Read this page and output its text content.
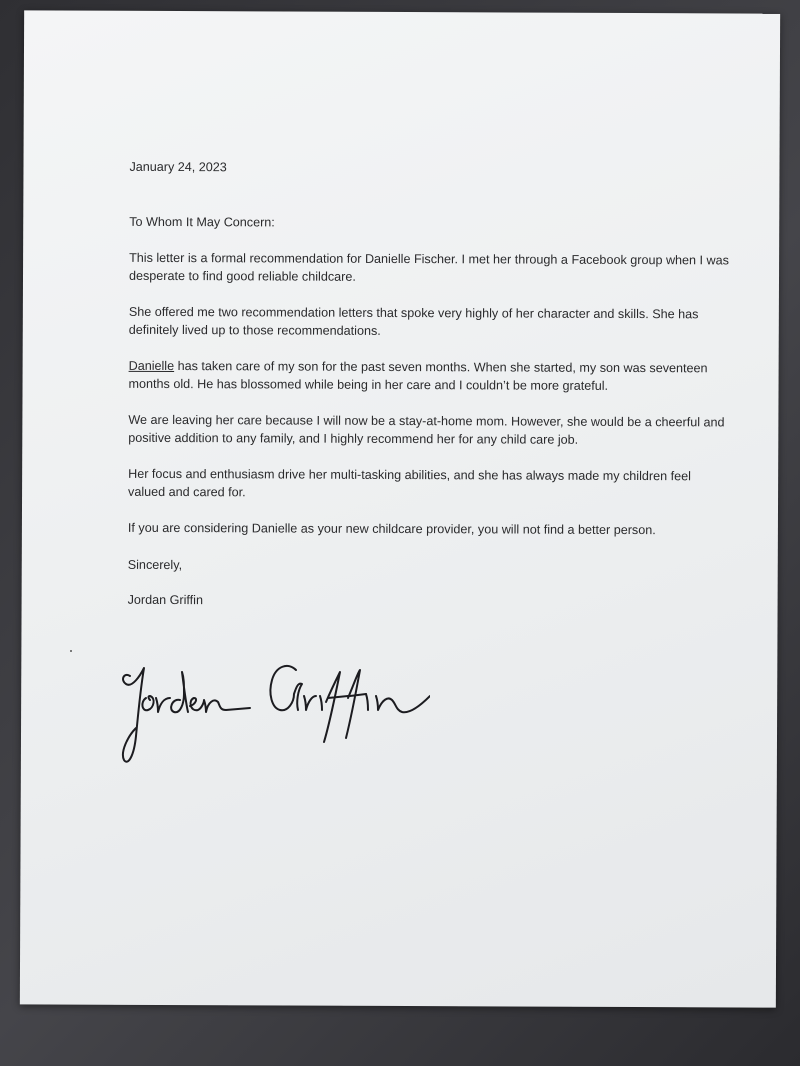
January 24, 2023

To Whom It May Concern:

This letter is a formal recommendation for Danielle Fischer. I met her through a Facebook group when I was desperate to find good reliable childcare.

She offered me two recommendation letters that spoke very highly of her character and skills. She has definitely lived up to those recommendations.

Danielle has taken care of my son for the past seven months. When she started, my son was seventeen months old. He has blossomed while being in her care and I couldn’t be more grateful.

We are leaving her care because I will now be a stay-at-home mom. However, she would be a cheerful and positive addition to any family, and I highly recommend her for any child care job.

Her focus and enthusiasm drive her multi-tasking abilities, and she has always made my children feel valued and cared for.

If you are considering Danielle as your new childcare provider, you will not find a better person.

Sincerely,

Jordan Griffin
